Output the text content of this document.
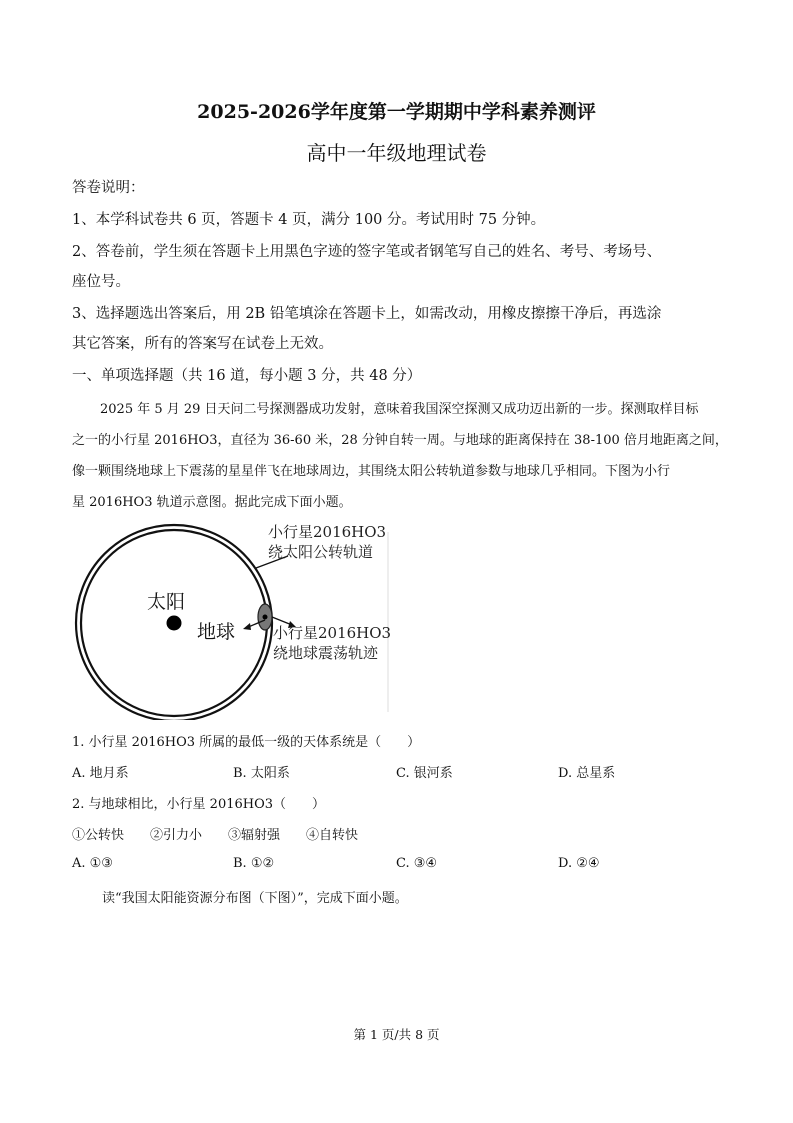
2025-2026学年度第一学期期中学科素养测评
高中一年级地理试卷
答卷说明：
1、本学科试卷共 6 页，答题卡 4 页，满分 100 分。考试用时 75 分钟。
2、答卷前，学生须在答题卡上用黑色字迹的签字笔或者钢笔写自己的姓名、考号、考场号、
座位号。
3、选择题选出答案后，用 2B 铅笔填涂在答题卡上，如需改动，用橡皮擦擦干净后，再选涂
其它答案，所有的答案写在试卷上无效。
一、单项选择题（共 16 道，每小题 3 分，共 48 分）
2025 年 5 月 29 日天问二号探测器成功发射，意味着我国深空探测又成功迈出新的一步。探测取样目标
之一的小行星 2016HO3，直径为 36-60 米，28 分钟自转一周。与地球的距离保持在 38-100 倍月地距离之间，
像一颗围绕地球上下震荡的星星伴飞在地球周边，其围绕太阳公转轨道参数与地球几乎相同。下图为小行
星 2016HO3 轨道示意图。据此完成下面小题。
小行星2016HO3
绕太阳公转轨道
太阳
地球	小行星2016HO3
绕地球震荡轨迹
1. 小行星 2016HO3 所属的最低一级的天体系统是（　　）
A. 地月系	B. 太阳系	C. 银河系	D. 总星系
2. 与地球相比，小行星 2016HO3（　　）
①公转快　　②引力小　　③辐射强　　④自转快
A. ①③	B. ①②	C. ③④	D. ②④
读“我国太阳能资源分布图（下图）”，完成下面小题。
第 1 页/共 8 页
